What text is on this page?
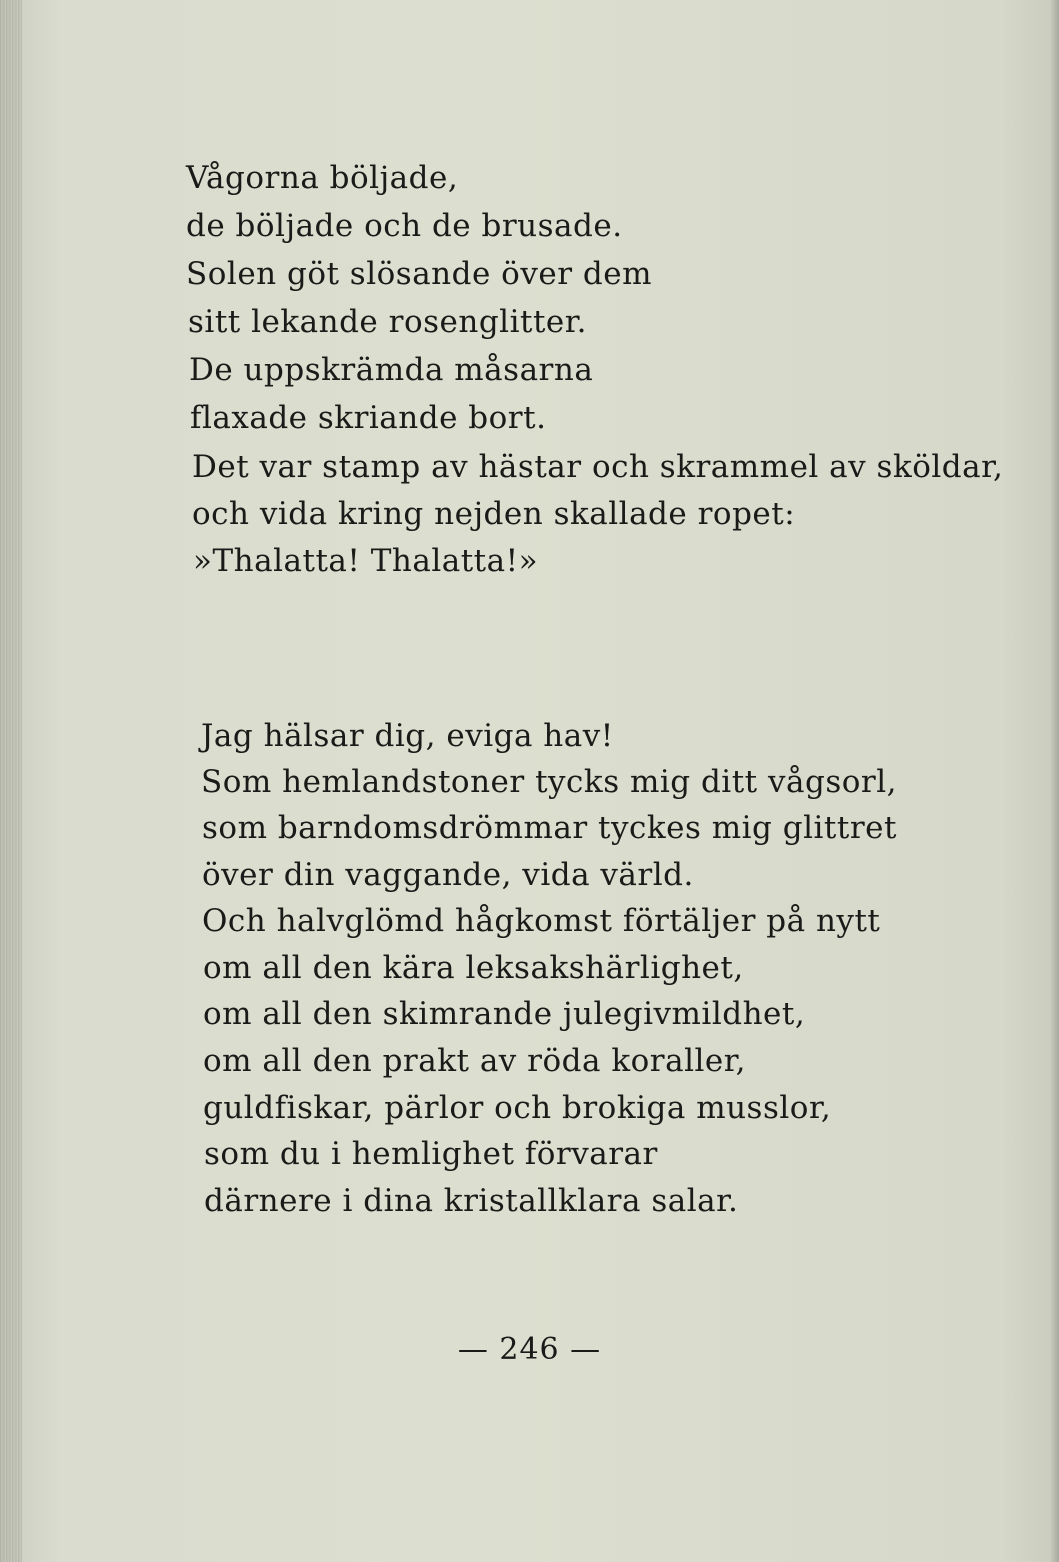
Vågorna böljade,
de böljade och de brusade.
Solen göt slösande över dem
sitt lekande rosenglitter.
De uppskrämda måsarna
flaxade skriande bort.
Det var stamp av hästar och skrammel av sköldar,
och vida kring nejden skallade ropet:
»Thalatta! Thalatta!»
Jag hälsar dig, eviga hav!
Som hemlandstoner tycks mig ditt vågsorl,
som barndomsdrömmar tyckes mig glittret
över din vaggande, vida värld.
Och halvglömd hågkomst förtäljer på nytt
om all den kära leksakshärlighet,
om all den skimrande julegivmildhet,
om all den prakt av röda koraller,
guldfiskar, pärlor och brokiga musslor,
som du i hemlighet förvarar
därnere i dina kristallklara salar.
— 246 —
